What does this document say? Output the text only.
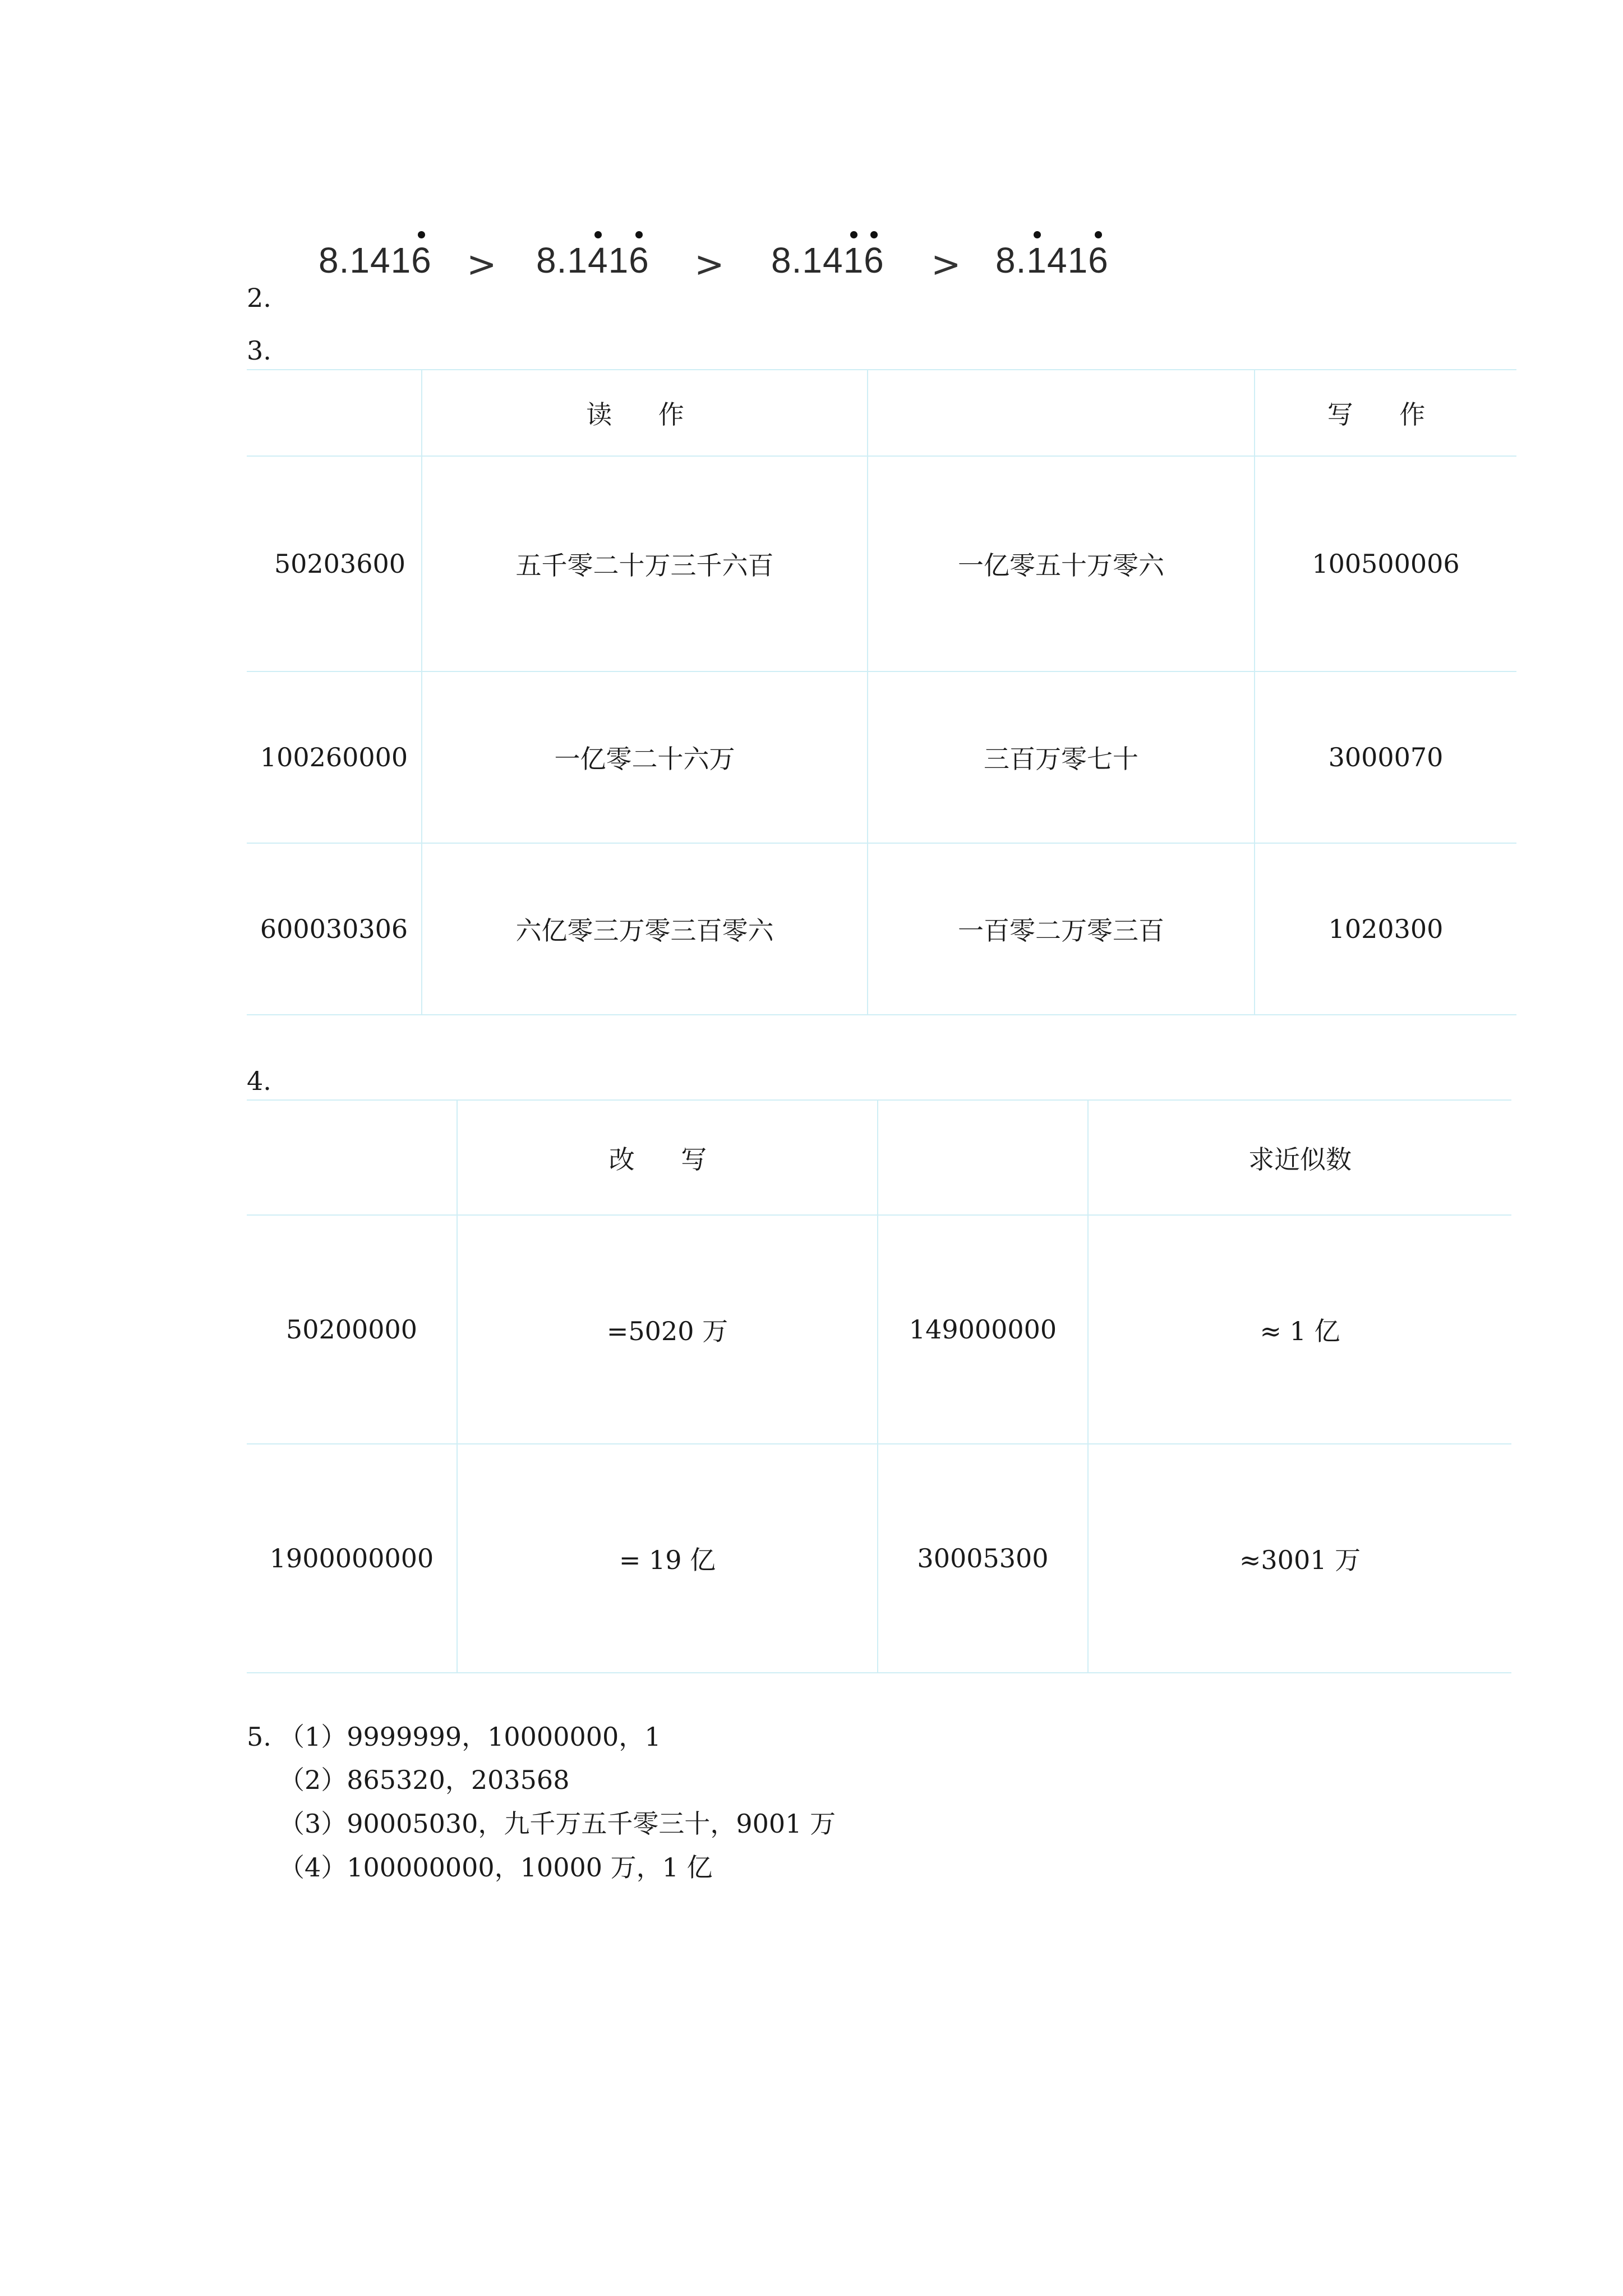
8.1416 > 8.1416 > 8.1416 > 8.1416
2.
3.
	读 作		写 作
50203600	五千零二十万三千六百	一亿零五十万零六	100500006
100260000	一亿零二十六万	三百万零七十	3000070
600030306	六亿零三万零三百零六	一百零二万零三百	1020300
4.
	改 写		求近似数
50200000	=5020 万	149000000	≈ 1 亿
1900000000	= 19 亿	30005300	≈3001 万
5. （1）9999999，10000000，1
（2）865320，203568
（3）90005030，九千万五千零三十，9001 万
（4）100000000，10000 万，1 亿
